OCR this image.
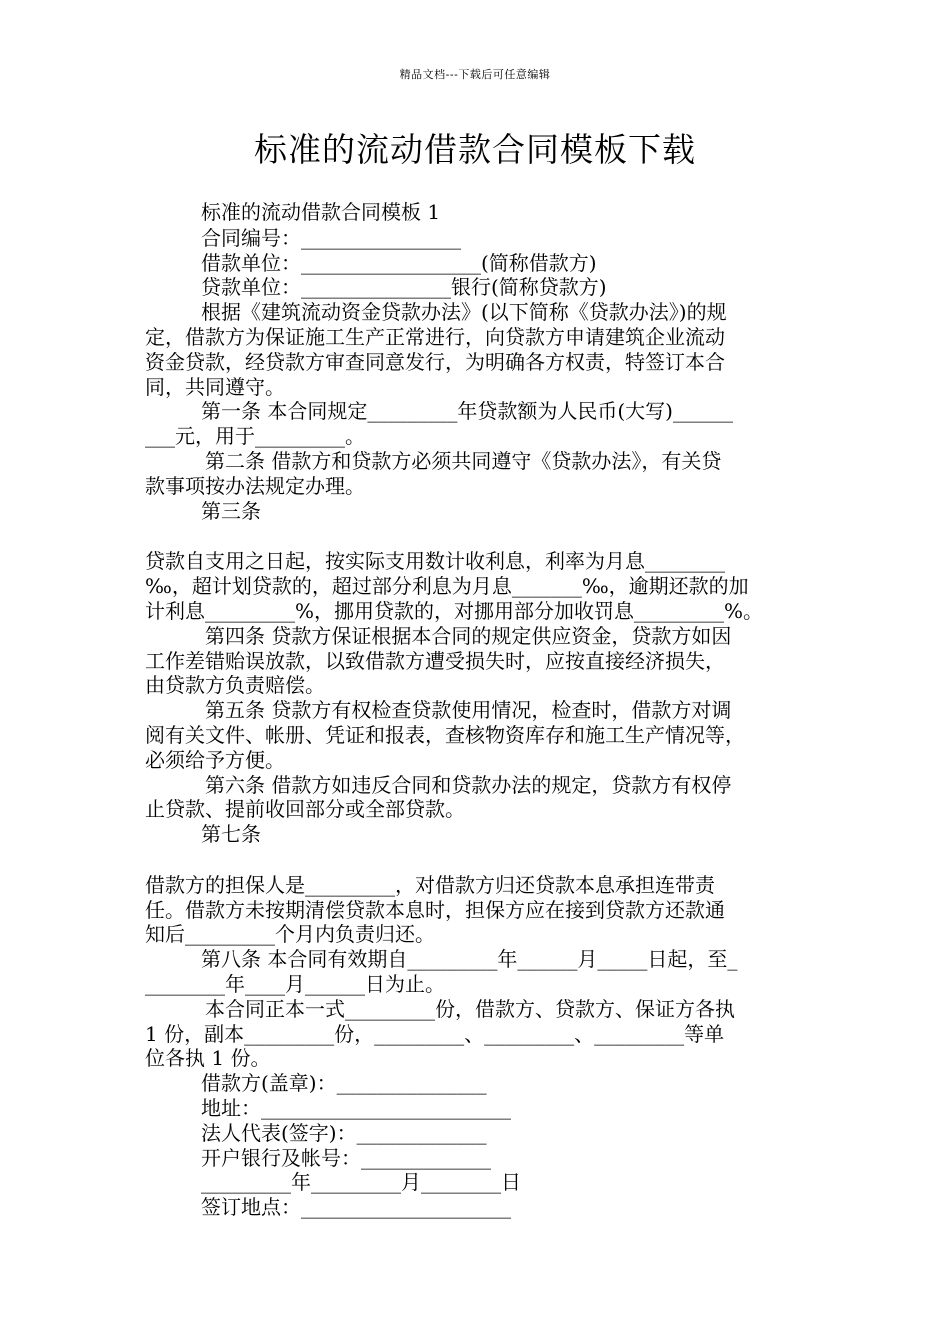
精品文档---下载后可任意编辑
标准的流动借款合同模板下载
标准的流动借款合同模板 1
合同编号：________________
借款单位：__________________(简称借款方)
贷款单位：_______________银行(简称贷款方)
根据《建筑流动资金贷款办法》(以下简称《贷款办法》)的规
定，借款方为保证施工生产正常进行，向贷款方申请建筑企业流动
资金贷款，经贷款方审查同意发行，为明确各方权责，特签订本合
同，共同遵守。
第一条 本合同规定_________年贷款额为人民币(大写)______
___元，用于_________。
第二条 借款方和贷款方必须共同遵守《贷款办法》，有关贷
款事项按办法规定办理。
第三条
贷款自支用之日起，按实际支用数计收利息，利率为月息________
‰，超计划贷款的，超过部分利息为月息_______‰，逾期还款的加
计利息_________%，挪用贷款的，对挪用部分加收罚息_________%。
第四条 贷款方保证根据本合同的规定供应资金，贷款方如因
工作差错贻误放款，以致借款方遭受损失时，应按直接经济损失，
由贷款方负责赔偿。
第五条 贷款方有权检查贷款使用情况，检查时，借款方对调
阅有关文件、帐册、凭证和报表，查核物资库存和施工生产情况等，
必须给予方便。
第六条 借款方如违反合同和贷款办法的规定，贷款方有权停
止贷款、提前收回部分或全部贷款。
第七条
借款方的担保人是_________，对借款方归还贷款本息承担连带责
任。借款方未按期清偿贷款本息时，担保方应在接到贷款方还款通
知后_________个月内负责归还。
第八条 本合同有效期自_________年______月_____日起，至_
________年____月______日为止。
本合同正本一式_________份，借款方、贷款方、保证方各执
1 份，副本_________份，_________、_________、_________等单
位各执 1 份。
借款方(盖章)：_______________
地址：_________________________
法人代表(签字)：_____________
开户银行及帐号：_____________
_________年_________月________日
签订地点：_____________________
